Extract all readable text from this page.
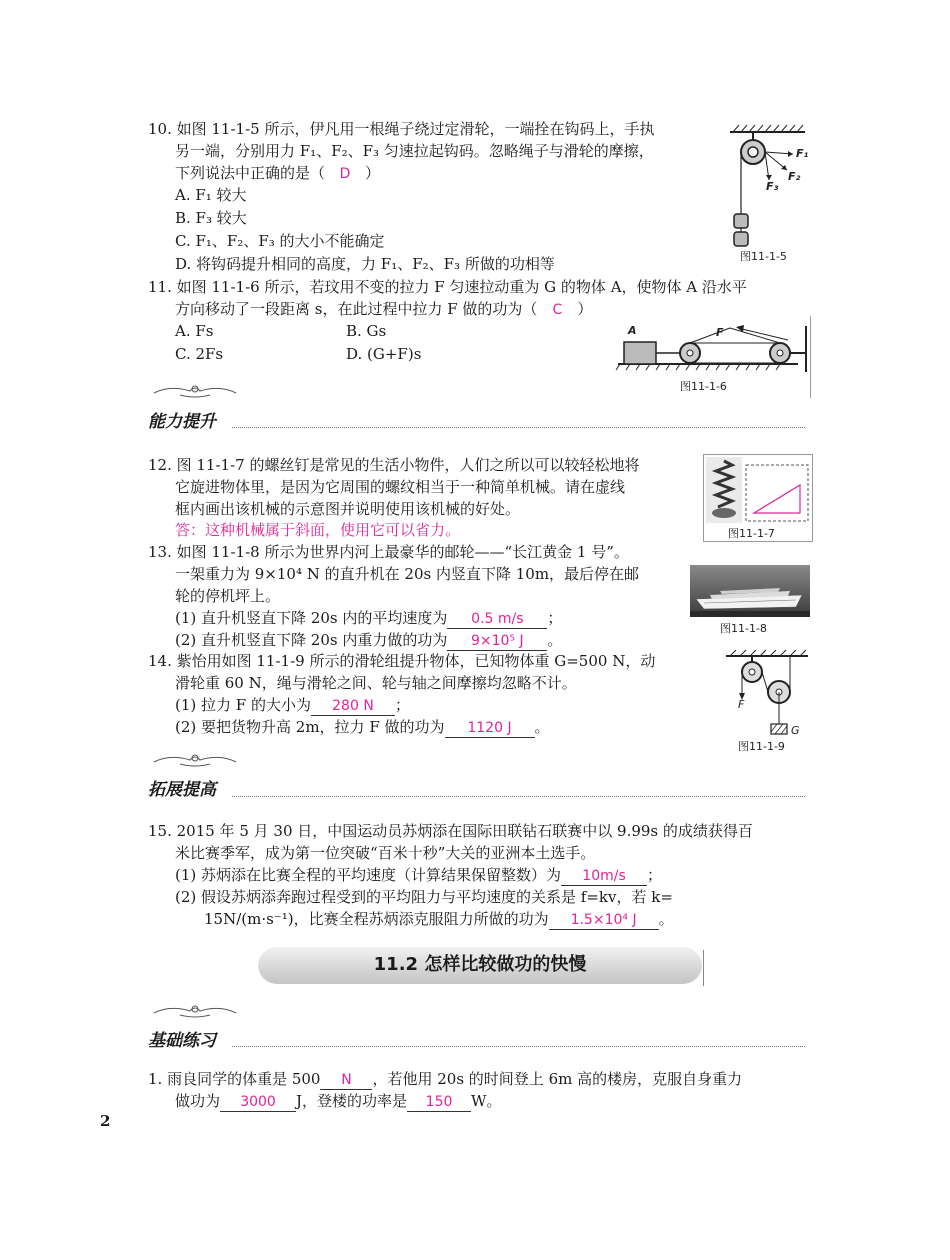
10. 如图 11-1-5 所示，伊凡用一根绳子绕过定滑轮，一端拴在钩码上，手执
另一端，分别用力 F₁、F₂、F₃ 匀速拉起钩码。忽略绳子与滑轮的摩擦，
下列说法中正确的是（ D ）
A. F₁ 较大
B. F₃ 较大
C. F₁、F₂、F₃ 的大小不能确定
D. 将钩码提升相同的高度，力 F₁、F₂、F₃ 所做的功相等
F₁
F₂
F₃
图11-1-5
11. 如图 11-1-6 所示，若玟用不变的拉力 F 匀速拉动重为 G 的物体 A，使物体 A 沿水平
方向移动了一段距离 s，在此过程中拉力 F 做的功为（ C ）
A. Fs	B. Gs
C. 2Fs	D. (G+F)s
A	F
图11-1-6
能力提升
12. 图 11-1-7 的螺丝钉是常见的生活小物件，人们之所以可以较轻松地将
它旋进物体里，是因为它周围的螺纹相当于一种简单机械。请在虚线
框内画出该机械的示意图并说明使用该机械的好处。
答：这种机械属于斜面，使用它可以省力。	图11-1-7
13. 如图 11-1-8 所示为世界内河上最豪华的邮轮——“长江黄金 1 号”。
一架重力为 9×10⁴ N 的直升机在 20s 内竖直下降 10m，最后停在邮
轮的停机坪上。
(1) 直升机竖直下降 20s 内的平均速度为 0.5 m/s ；
(2) 直升机竖直下降 20s 内重力做的功为 9×10⁵ J 。
图11-1-8
14. 紫怡用如图 11-1-9 所示的滑轮组提升物体，已知物体重 G=500 N，动
滑轮重 60 N，绳与滑轮之间、轮与轴之间摩擦均忽略不计。
(1) 拉力 F 的大小为 280 N ；
(2) 要把货物升高 2m，拉力 F 做的功为 1120 J 。
F
G
图11-1-9
拓展提高
15. 2015 年 5 月 30 日，中国运动员苏炳添在国际田联钻石联赛中以 9.99s 的成绩获得百
米比赛季军，成为第一位突破“百米十秒”大关的亚洲本土选手。
(1) 苏炳添在比赛全程的平均速度（计算结果保留整数）为 10m/s ；
(2) 假设苏炳添奔跑过程受到的平均阻力与平均速度的关系是 f=kv，若 k=
15N/(m·s⁻¹)，比赛全程苏炳添克服阻力所做的功为 1.5×10⁴ J 。
11.2 怎样比较做功的快慢
基础练习
1. 雨良同学的体重是 500 N ，若他用 20s 的时间登上 6m 高的楼房，克服自身重力
做功为 3000 J，登楼的功率是 150 W。
2
